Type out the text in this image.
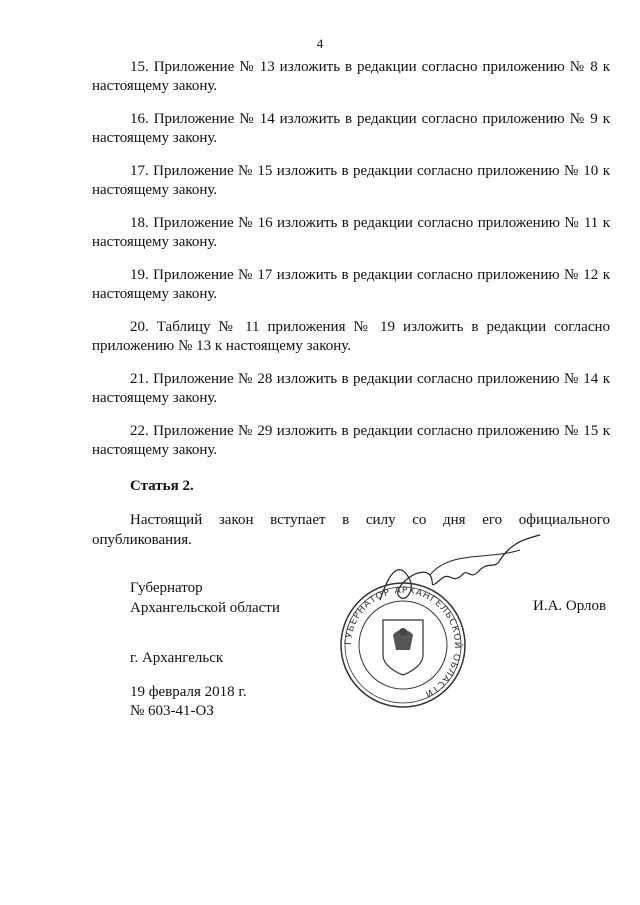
4

15. Приложение № 13 изложить в редакции согласно приложению № 8 к настоящему закону.

16. Приложение № 14 изложить в редакции согласно приложению № 9 к настоящему закону.

17. Приложение № 15 изложить в редакции согласно приложению № 10 к настоящему закону.

18. Приложение № 16 изложить в редакции согласно приложению № 11 к настоящему закону.

19. Приложение № 17 изложить в редакции согласно приложению № 12 к настоящему закону.

20. Таблицу № 11 приложения № 19 изложить в редакции согласно приложению № 13 к настоящему закону.

21. Приложение № 28 изложить в редакции согласно приложению № 14 к настоящему закону.

22. Приложение № 29 изложить в редакции согласно приложению № 15 к настоящему закону.

Статья 2.
Настоящий закон вступает в силу со дня его официального опубликования.
Губернатор
Архангельской области	И.А. Орлов
ГУБЕРНАТОР АРХАНГЕЛЬСКОЙ ОБЛАСТИ
г. Архангельск
19 февраля 2018 г.
№ 603-41-ОЗ
